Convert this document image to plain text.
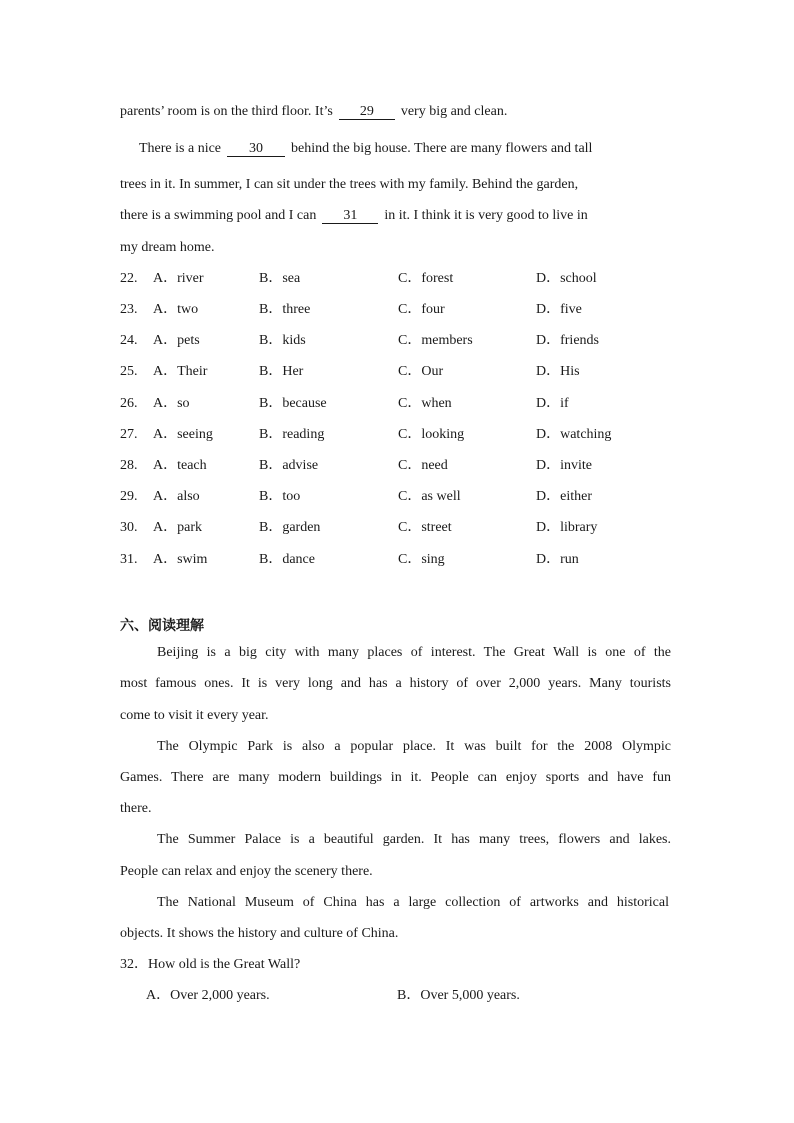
parents’ room is on the third floor. It’s 29 very big and clean.
There is a nice 30 behind the big house. There are many flowers and tall
trees in it. In summer, I can sit under the trees with my family. Behind the garden,
there is a swimming pool and I can 31 in it. I think it is very good to live in
my dream home.
22. A．river	B．sea	C．forest	D．school
23. A．two	B．three	C．four	D．five
24. A．pets	B．kids	C．members	D．friends
25. A．Their	B．Her	C．Our	D．His
26. A．so	B．because	C．when	D．if
27. A．seeing	B．reading	C．looking	D．watching
28. A．teach	B．advise	C．need	D．invite
29. A．also	B．too	C．as well	D．either
30. A．park	B．garden	C．street	D．library
31. A．swim	B．dance	C．sing	D．run
六、阅读理解
Beijing is a big city with many places of interest. The Great Wall is one of the
most famous ones. It is very long and has a history of over 2,000 years. Many tourists
come to visit it every year.
The Olympic Park is also a popular place. It was built for the 2008 Olympic
Games. There are many modern buildings in it. People can enjoy sports and have fun
there.
The Summer Palace is a beautiful garden. It has many trees, flowers and lakes.
People can relax and enjoy the scenery there.
The National Museum of China has a large collection of artworks and historical
objects. It shows the history and culture of China.
32．How old is the Great Wall?
A．Over 2,000 years.	B．Over 5,000 years.
